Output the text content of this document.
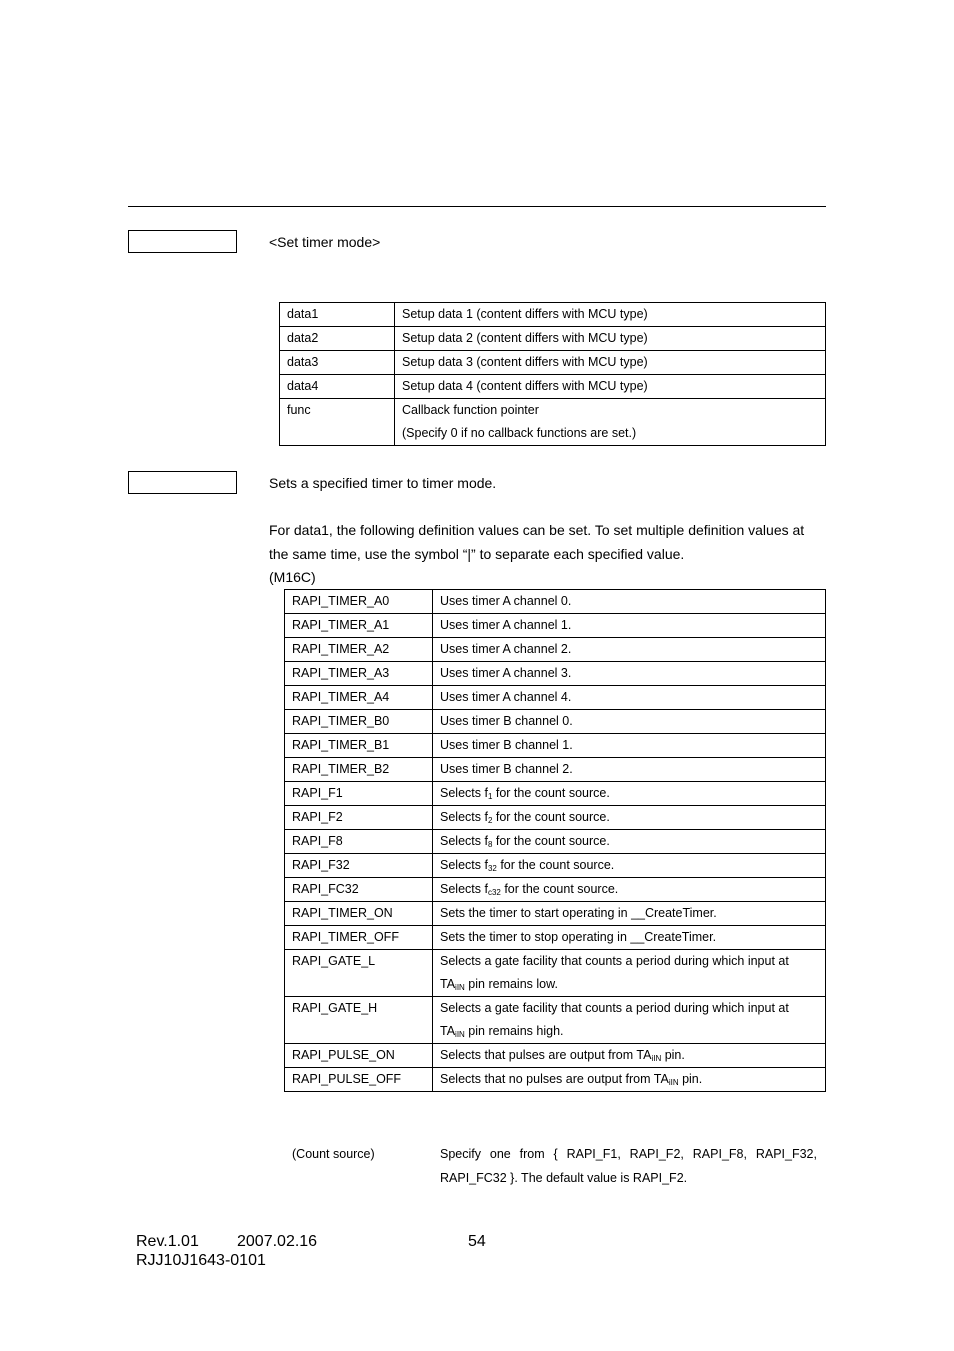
<Set timer mode>
data1	Setup data 1 (content differs with MCU type)

data2	Setup data 2 (content differs with MCU type)

data3	Setup data 3 (content differs with MCU type)

data4	Setup data 4 (content differs with MCU type)

func	Callback function pointer
(Specify 0 if no callback functions are set.)
Sets a specified timer to timer mode.
For data1, the following definition values can be set. To set multiple definition values at
the same time, use the symbol “|” to separate each specified value.
(M16C)
RAPI_TIMER_A0	Uses timer A channel 0.

RAPI_TIMER_A1	Uses timer A channel 1.

RAPI_TIMER_A2	Uses timer A channel 2.

RAPI_TIMER_A3	Uses timer A channel 3.

RAPI_TIMER_A4	Uses timer A channel 4.

RAPI_TIMER_B0	Uses timer B channel 0.

RAPI_TIMER_B1	Uses timer B channel 1.

RAPI_TIMER_B2	Uses timer B channel 2.

RAPI_F1	Selects $f_1$ for the count source.

RAPI_F2	Selects $f_2$ for the count source.

RAPI_F8	Selects $f_8$ for the count source.

RAPI_F32	Selects $f_{32}$ for the count source.

RAPI_FC32	Selects $f_{c32}$ for the count source.

RAPI_TIMER_ON	Sets the timer to start operating in __CreateTimer.

RAPI_TIMER_OFF	Sets the timer to stop operating in __CreateTimer.

RAPI_GATE_L	Selects a gate facility that counts a period during which input at
$TA_{iIN}$ pin remains low.

RAPI_GATE_H	Selects a gate facility that counts a period during which input at
$TA_{iIN}$ pin remains high.

RAPI_PULSE_ON	Selects that pulses are output from $TA_{iIN}$ pin.

RAPI_PULSE_OFF	Selects that no pulses are output from $TA_{iIN}$ pin.
(Count source)	Specify one from { RAPI_F1, RAPI_F2, RAPI_F8, RAPI_F32,
RAPI_FC32 }. The default value is RAPI_F2.
Rev.1.01 2007.02.16	54
RJJ10J1643-0101
